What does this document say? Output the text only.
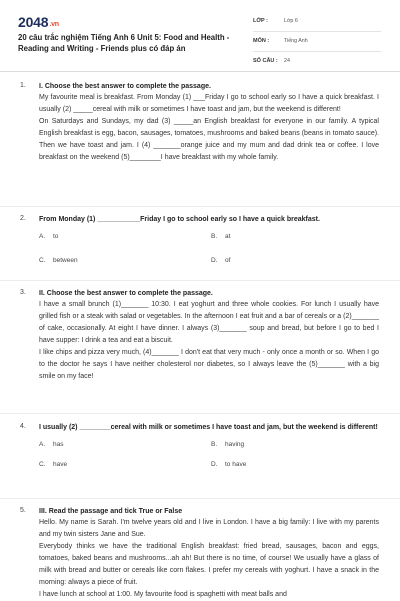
2048.vn
20 câu trắc nghiệm Tiếng Anh 6 Unit 5: Food and Health - Reading and Writing - Friends plus có đáp án
LỚP :	Lớp 6
MÔN :	Tiếng Anh
SỐ CÂU : 24
1. I. Choose the best answer to complete the passage.

My favourite meal is breakfast. From Monday (1) ___Friday I go to school early so I have a quick breakfast. I usually (2) _____cereal with milk or sometimes I have toast and jam, but the weekend is different!

On Saturdays and Sundays, my dad (3) _____an English breakfast for everyone in our family. A typical English breakfast is egg, bacon, sausages, tomatoes, mushrooms and baked beans (beans in tomato sauce). Then we have toast and jam. I (4) _______orange juice and my mum and dad drink tea or coffee. I love breakfast on the weekend (5)________I have breakfast with my whole family.

2. From Monday (1) ___________Friday I go to school early so I have a quick breakfast.
A. to	B. at
C. between	D. of
3. II. Choose the best answer to complete the passage.

I have a small brunch (1)_______ 10:30. I eat yoghurt and three whole cookies. For lunch I usually have grilled fish or a steak with salad or vegetables. In the afternoon I eat fruit and a bar of cereals or a (2)_______ of cake, occasionally. At eight I have dinner. I always (3)_______ soup and bread, but before I go to bed I have supper: I drink a tea and eat a biscuit.

I like chips and pizza very much, (4)_______ I don't eat that very much - only once a month or so. When I go to the doctor he says I have neither cholesterol nor diabetes, so I always leave the (5)_______ with a big smile on my face!

4. I usually (2) ________cereal with milk or sometimes I have toast and jam, but the weekend is different!
A. has	B. having
C. have	D. to have
5. III. Read the passage and tick True or False

Hello. My name is Sarah. I'm twelve years old and I live in London. I have a big family: I live with my parents and my twin sisters Jane and Sue.

Everybody thinks we have the traditional English breakfast: fried bread, sausages, bacon and eggs, tomatoes, baked beans and mushrooms...ah ah! But there is no time, of course! We usually have a glass of milk with bread and butter or cereals like corn flakes. I prefer my cereals with yoghurt. I have a snack in the morning: always a piece of fruit.

I have lunch at school at 1:00. My favourite food is spaghetti with meat balls and
